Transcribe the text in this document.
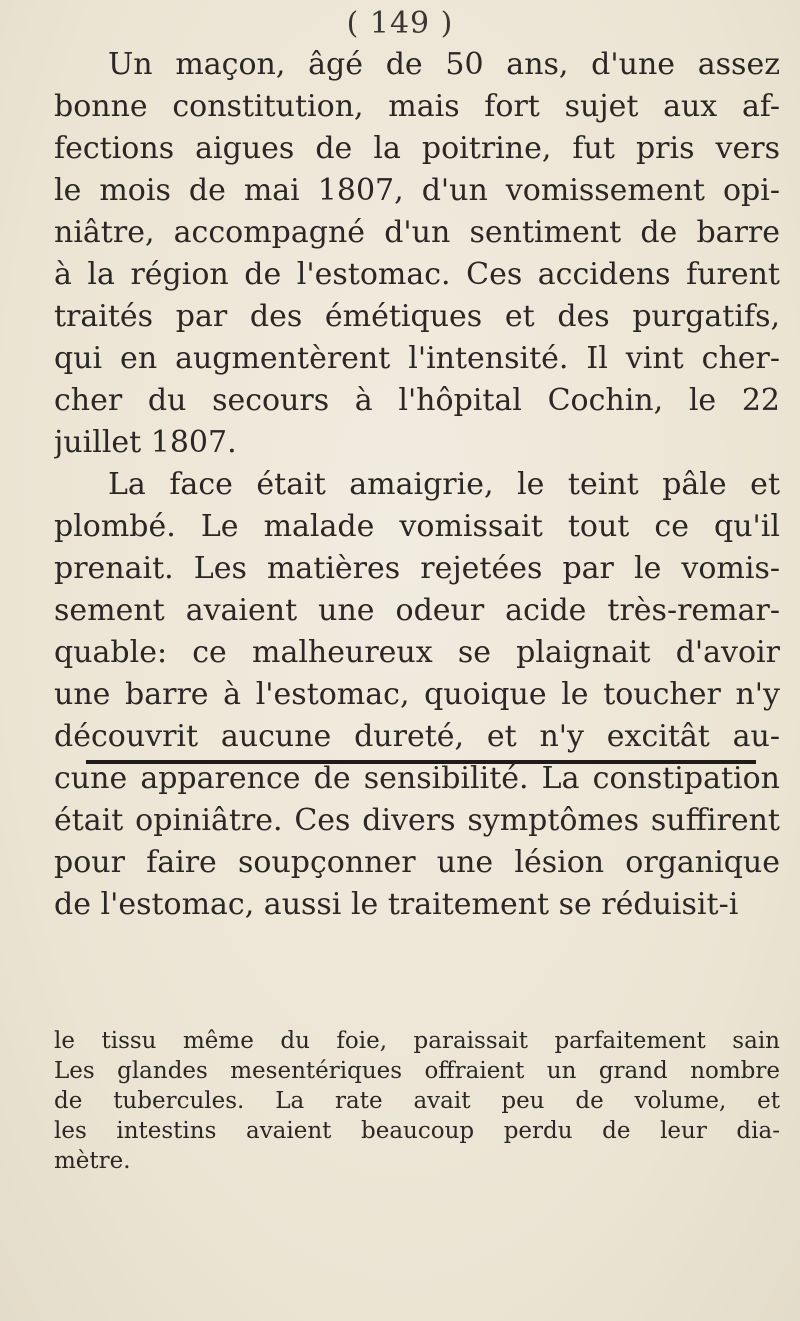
( 149 )
Un maçon, âgé de 50 ans, d'une assez
bonne constitution, mais fort sujet aux af-
fections aigues de la poitrine, fut pris vers
le mois de mai 1807, d'un vomissement opi-
niâtre, accompagné d'un sentiment de barre
à la région de l'estomac. Ces accidens furent
traités par des émétiques et des purgatifs,
qui en augmentèrent l'intensité. Il vint cher-
cher du secours à l'hôpital Cochin, le 22
juillet 1807.
La face était amaigrie, le teint pâle et
plombé. Le malade vomissait tout ce qu'il
prenait. Les matières rejetées par le vomis-
sement avaient une odeur acide très-remar-
quable: ce malheureux se plaignait d'avoir
une barre à l'estomac, quoique le toucher n'y
découvrit aucune dureté, et n'y excitât au-
cune apparence de sensibilité. La constipation
était opiniâtre. Ces divers symptômes suffirent
pour faire soupçonner une lésion organique
de l'estomac, aussi le traitement se réduisit-i
le tissu même du foie, paraissait parfaitement sain
Les glandes mesentériques offraient un grand nombre
de tubercules. La rate avait peu de volume, et
les intestins avaient beaucoup perdu de leur dia-
mètre.
